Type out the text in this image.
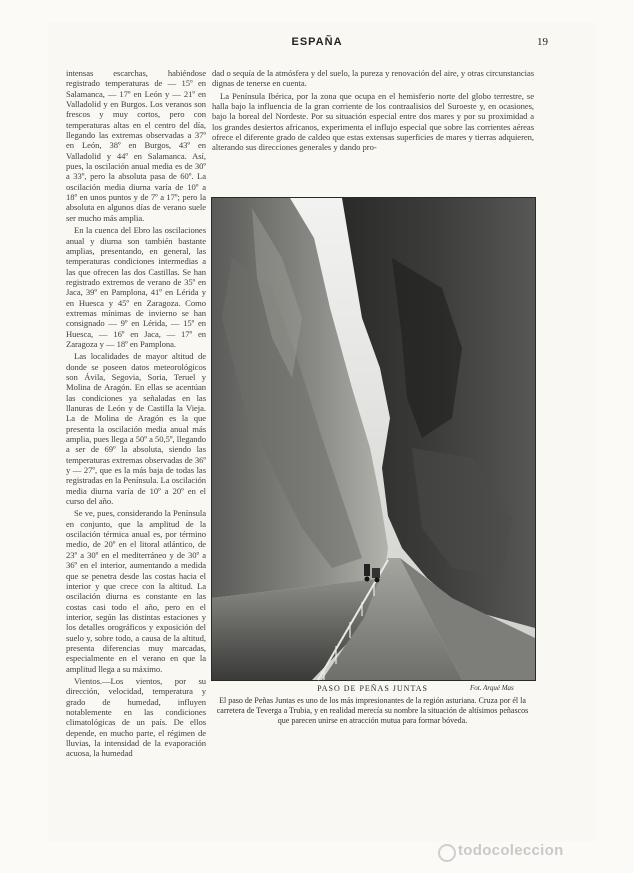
ESPAÑA	19

intensas escarchas, habiéndose registrado temperaturas de — 15º en Salamanca, — 17º en León y — 21º en Valladolid y en Burgos. Los veranos son frescos y muy cortos, pero con temperaturas altas en el centro del día, llegando las extremas observadas a 37º en León, 38º en Burgos, 43º en Valladolid y 44º en Salamanca. Así, pues, la oscilación anual media es de 30º a 33º, pero la absoluta pasa de 60º. La oscilación media diurna varía de 10º a 18º en unos puntos y de 7º a 17º; pero la absoluta en algunos días de verano suele ser mucho más amplia.

En la cuenca del Ebro las oscilaciones anual y diurna son también bastante amplias, presentando, en general, las temperaturas condiciones intermedias a las que ofrecen las dos Castillas. Se han registrado extremos de verano de 35º en Jaca, 39º en Pamplona, 41º en Lérida y en Huesca y 45º en Zaragoza. Como extremas mínimas de invierno se han consignado — 9º en Lérida, — 15º en Huesca, — 16º en Jaca, — 17º en Zaragoza y — 18º en Pamplona.

Las localidades de mayor altitud de donde se poseen datos meteorológicos son Ávila, Segovia, Soria, Teruel y Molina de Aragón. En ellas se acentúan las condiciones ya señaladas en las llanuras de León y de Castilla la Vieja. La de Molina de Aragón es la que presenta la oscilación media anual más amplia, pues llega a 50º a 50,5º, llegando a ser de 69º la absoluta, siendo las temperaturas extremas observadas de 36º y — 27º, que es la más baja de todas las registradas en la Península. La oscilación media diurna varía de 10º a 20º en el curso del año.

Se ve, pues, considerando la Península en conjunto, que la amplitud de la oscilación térmica anual es, por término medio, de 20º en el litoral atlántico, de 23º a 30º en el mediterráneo y de 30º a 36º en el interior, aumentando a medida que se penetra desde las costas hacia el interior y que crece con la altitud. La oscilación diurna es constante en las costas casi todo el año, pero en el interior, según las distintas estaciones y los detalles orográficos y exposición del suelo y, sobre todo, a causa de la altitud, presenta diferencias muy marcadas, especialmente en el verano en que la amplitud llega a su máximo.

Vientos.—Los vientos, por su dirección, velocidad, temperatura y grado de humedad, influyen notablemente en las condiciones climatológicas de un país. De ellos depende, en mucho parte, el régimen de lluvias, la intensidad de la evaporación acuosa, la humedad

dad o sequía de la atmósfera y del suelo, la pureza y renovación del aire, y otras circunstancias dignas de tenerse en cuenta.

La Península Ibérica, por la zona que ocupa en el hemisferio norte del globo terrestre, se halla bajo la influencia de la gran corriente de los contraalisios del Suroeste y, en ocasiones, bajo la boreal del Nordeste. Por su situación especial entre dos mares y por su proximidad a los grandes desiertos africanos, experimenta el influjo especial que sobre las corrientes aéreas ofrece el diferente grado de caldeo que estas extensas superficies de mares y tierras adquieren, alterando sus direcciones generales y dando pro-

PASO DE PEÑAS JUNTAS	Fot. Arqué Mas
El paso de Peñas Juntas es uno de los más impresionantes de la región asturiana. Cruza por él la carretera de Teverga a Trubia, y en realidad merecía su nombre la situación de altísimos peñascos que parecen unirse en atracción mutua para formar bóveda.
todocoleccion
